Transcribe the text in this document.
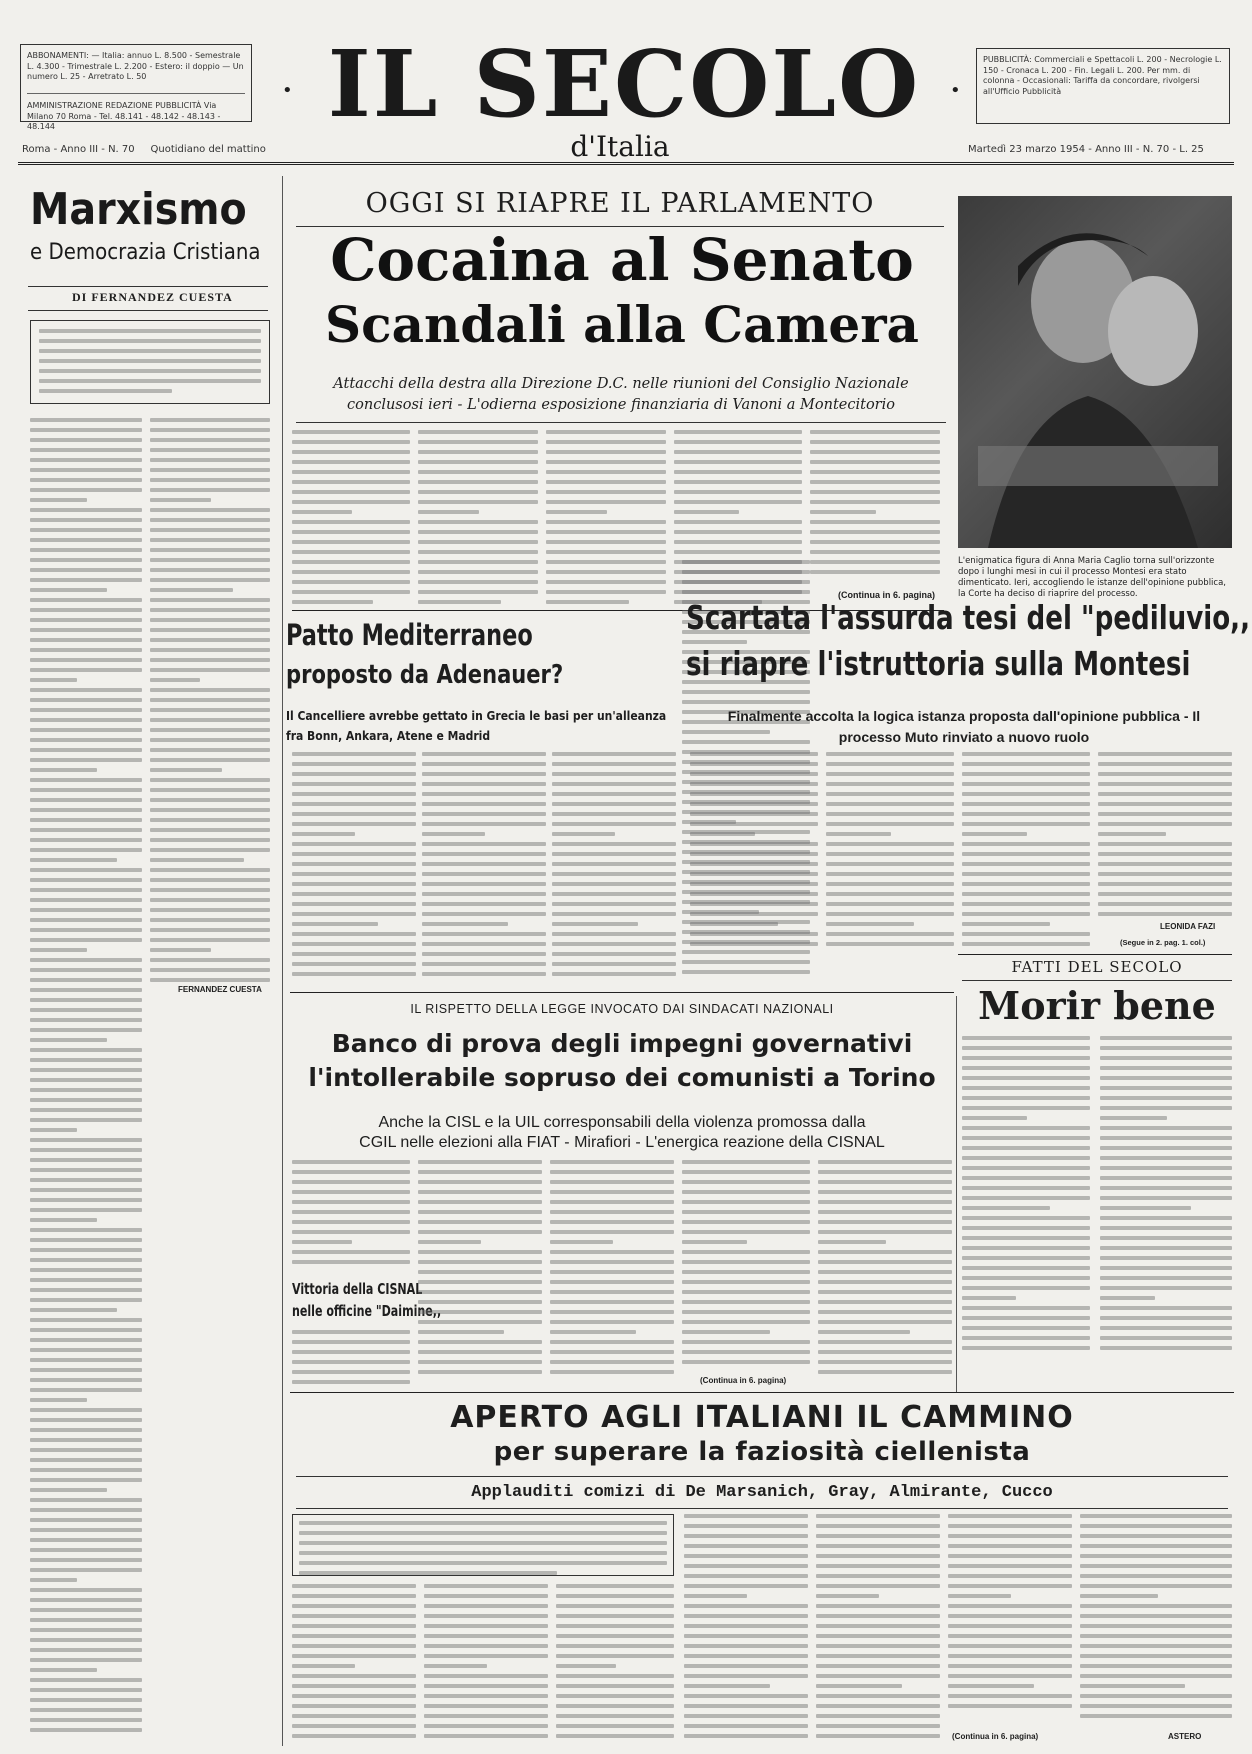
ABBONAMENTI: — Italia: annuo L. 8.500 - Semestrale L. 4.300 - Trimestrale L. 2.200 - Estero: il doppio — Un numero L. 25 - Arretrato L. 50
AMMINISTRAZIONE REDAZIONE PUBBLICITÀ Via Milano 70 Roma - Tel. 48.141 - 48.142 - 48.143 - 48.144
• IL SECOLO	•
d'Italia
PUBBLICITÀ: Commerciali e Spettacoli L. 200 - Necrologie L. 150 - Cronaca L. 200 - Fin. Legali L. 200. Per mm. di colonna - Occasionali: Tariffa da concordare, rivolgersi all'Ufficio Pubblicità
Roma - Anno III - N. 70     Quotidiano del mattino	Martedì 23 marzo 1954 - Anno III - N. 70 - L. 25
Marxismo
e Democrazia Cristiana
DI FERNANDEZ CUESTA
FERNANDEZ CUESTA
OGGI SI RIAPRE IL PARLAMENTO
Cocaina al Senato
Scandali alla Camera
Attacchi della destra alla Direzione D.C. nelle riunioni del Consiglio Nazionale conclusosi ieri - L'odierna esposizione finanziaria di Vanoni a Montecitorio
(Continua in 6. pagina)
L'enigmatica figura di Anna Maria Caglio torna sull'orizzonte dopo i lunghi mesi in cui il processo Montesi era stato dimenticato. Ieri, accogliendo le istanze dell'opinione pubblica, la Corte ha deciso di riaprire del processo.
Patto Mediterraneo
proposto da Adenauer?
Il Cancelliere avrebbe gettato in Grecia le basi per un'alleanza fra Bonn, Ankara, Atene e Madrid
Scartata l'assurda tesi del "pediluvio,,
si riapre l'istruttoria sulla Montesi
Finalmente accolta la logica istanza proposta dall'opinione pubblica - Il processo Muto rinviato a nuovo ruolo
LEONIDA FAZI
(Segue in 2. pag. 1. col.)
FATTI DEL SECOLO
Morir bene
IL RISPETTO DELLA LEGGE INVOCATO DAI SINDACATI NAZIONALI
Banco di prova degli impegni governativi
l'intollerabile sopruso dei comunisti a Torino
Anche la CISL e la UIL corresponsabili della violenza promossa dalla
CGIL nelle elezioni alla FIAT - Mirafiori - L'energica reazione della CISNAL
Vittoria della CISNAL
nelle officine "Daimine,,
(Continua in 6. pagina)
APERTO AGLI ITALIANI IL CAMMINO
per superare la faziosità ciellenista
Applauditi comizi di De Marsanich, Gray, Almirante, Cucco
(Continua in 6. pagina)	ASTERO
